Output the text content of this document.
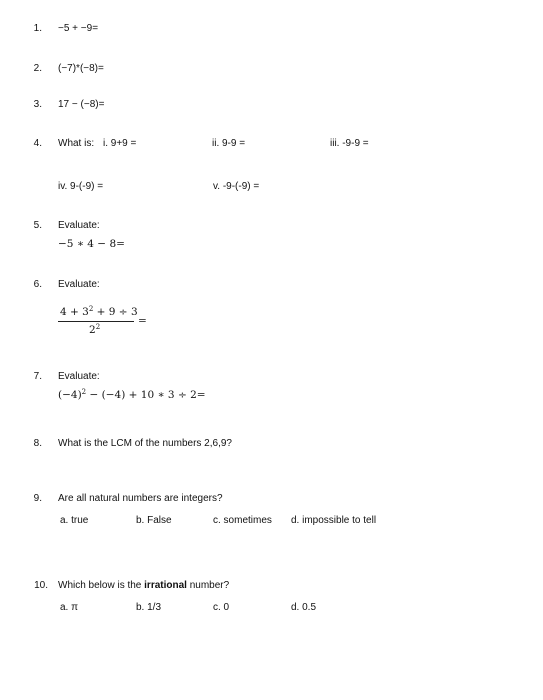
1. −5 + −9=
2. (−7)*(−8)=
3. 17 − (−8)=
4. What is: i. 9+9 =	ii. 9-9 =	iii. -9-9 =
iv. 9-(-9) =	v. -9-(-9) =
5. Evaluate:
−5 ∗ 4 − 8=
6. Evaluate:
$4 + 3^2 + 9 \div 3$
$2^2$	=
7. Evaluate:
$(-4)^2 - (-4) + 10$ ∗ 3 ÷ 2=
8. What is the LCM of the numbers 2,6,9?
9. Are all natural numbers are integers?
a. true	b. False	c. sometimes d. impossible to tell
10. Which below is the irrational number?
a. π	b. 1/3	c. 0	d. 0.5
